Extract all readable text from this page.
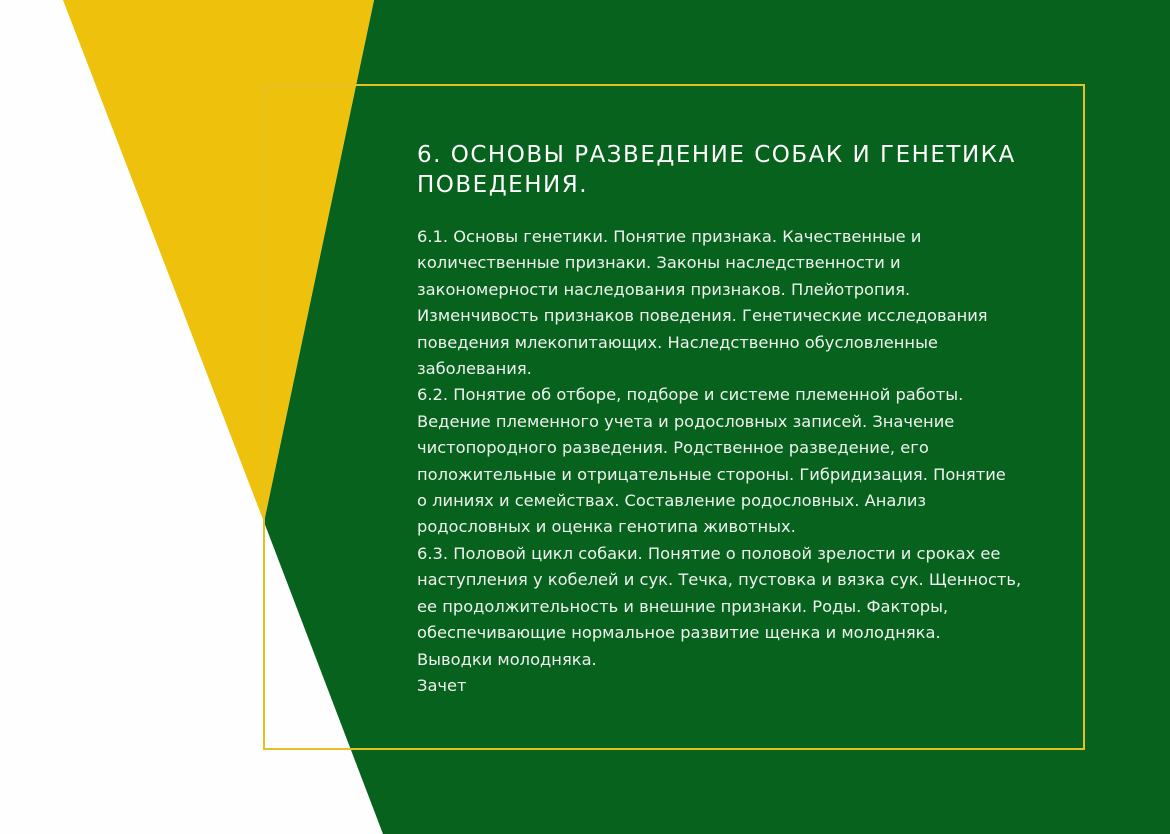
6. ОСНОВЫ РАЗВЕДЕНИЕ СОБАК И ГЕНЕТИКА
ПОВЕДЕНИЯ.

6.1. Основы генетики. Понятие признака. Качественные и

количественные признаки. Законы наследственности и

закономерности наследования признаков. Плейотропия.

Изменчивость признаков поведения. Генетические исследования

поведения млекопитающих. Наследственно обусловленные

заболевания.

6.2. Понятие об отборе, подборе и системе племенной работы.

Ведение племенного учета и родословных записей. Значение

чистопородного разведения. Родственное разведение, его

положительные и отрицательные стороны. Гибридизация. Понятие

о линиях и семействах. Составление родословных. Анализ

родословных и оценка генотипа животных.

6.3. Половой цикл собаки. Понятие о половой зрелости и сроках ее

наступления у кобелей и сук. Течка, пустовка и вязка сук. Щенность,

ее продолжительность и внешние признаки. Роды. Факторы,

обеспечивающие нормальное развитие щенка и молодняка.

Выводки молодняка.

Зачет
